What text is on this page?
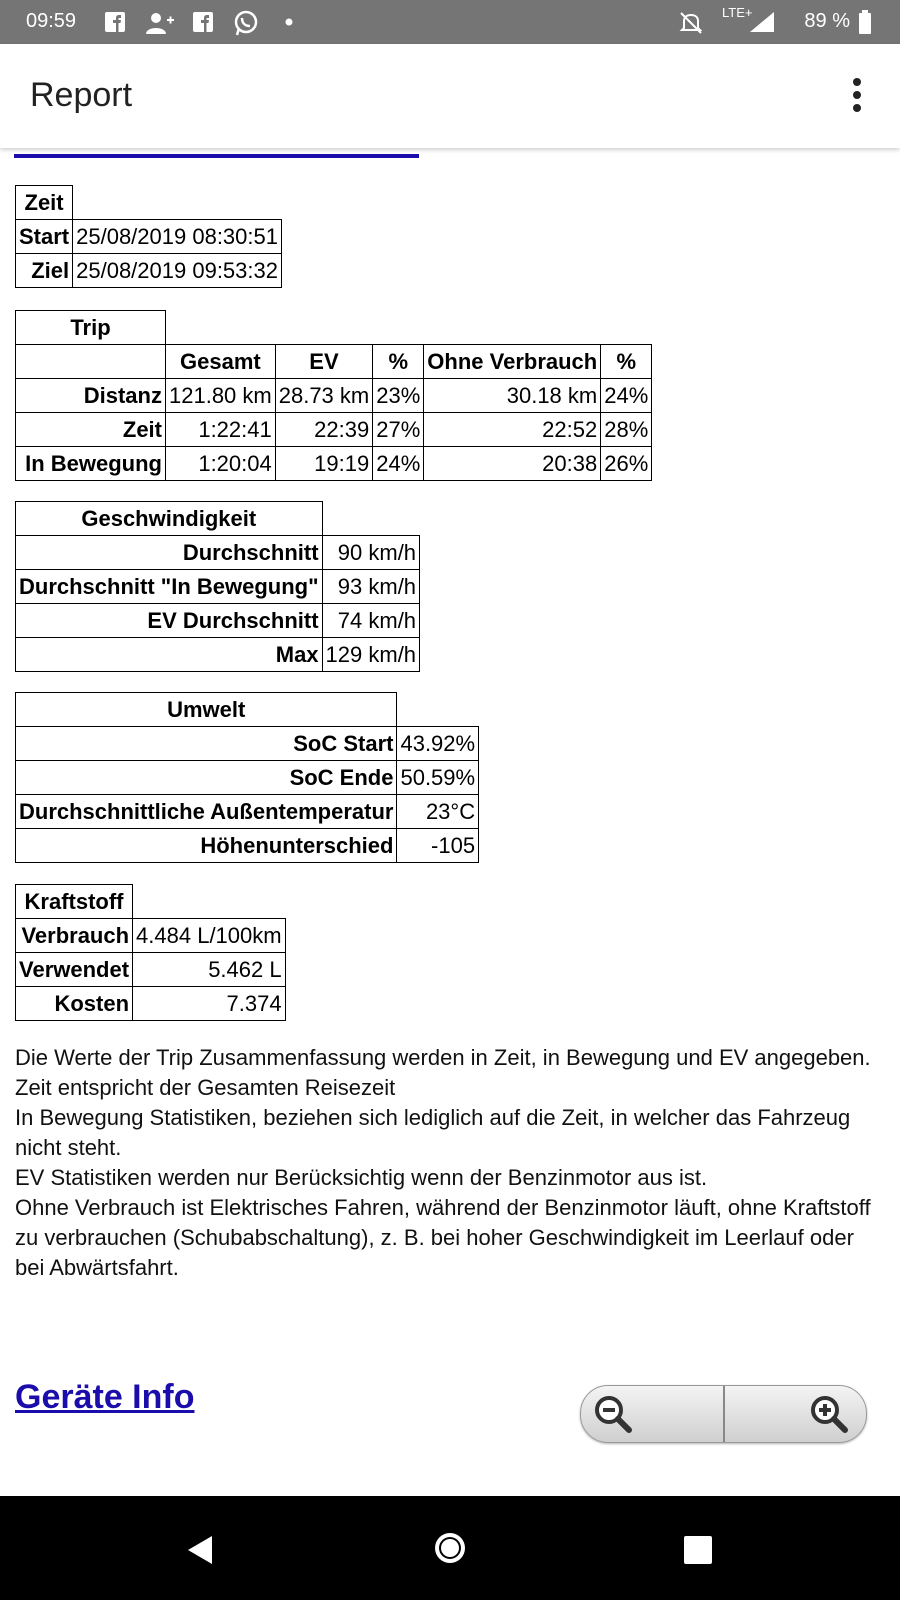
09:59	LTE+	89 %
Report
Zeit	
Start	25/08/2019 08:30:51
Ziel	25/08/2019 09:53:32
Trip					
	Gesamt	EV	%	Ohne Verbrauch	%
Distanz	121.80 km	28.73 km	23%	30.18 km	24%
Zeit	1:22:41	22:39	27%	22:52	28%
In Bewegung	1:20:04	19:19	24%	20:38	26%
Geschwindigkeit	
Durchschnitt	90 km/h
Durchschnitt "In Bewegung"	93 km/h
EV Durchschnitt	74 km/h
Max	129 km/h
Umwelt	
SoC Start	43.92%
SoC Ende	50.59%
Durchschnittliche Außentemperatur	23°C
Höhenunterschied	-105
Kraftstoff	
Verbrauch	4.484 L/100km
Verwendet	5.462 L
Kosten	7.374
Die Werte der Trip Zusammenfassung werden in Zeit, in Bewegung und EV angegeben.
Zeit entspricht der Gesamten Reisezeit
In Bewegung Statistiken, beziehen sich lediglich auf die Zeit, in welcher das Fahrzeug nicht steht.
EV Statistiken werden nur Berücksichtig wenn der Benzinmotor aus ist.
Ohne Verbrauch ist Elektrisches Fahren, während der Benzinmotor läuft, ohne Kraftstoff zu verbrauchen (Schubabschaltung), z. B. bei hoher Geschwindigkeit im Leerlauf oder bei Abwärtsfahrt.
Geräte Info
